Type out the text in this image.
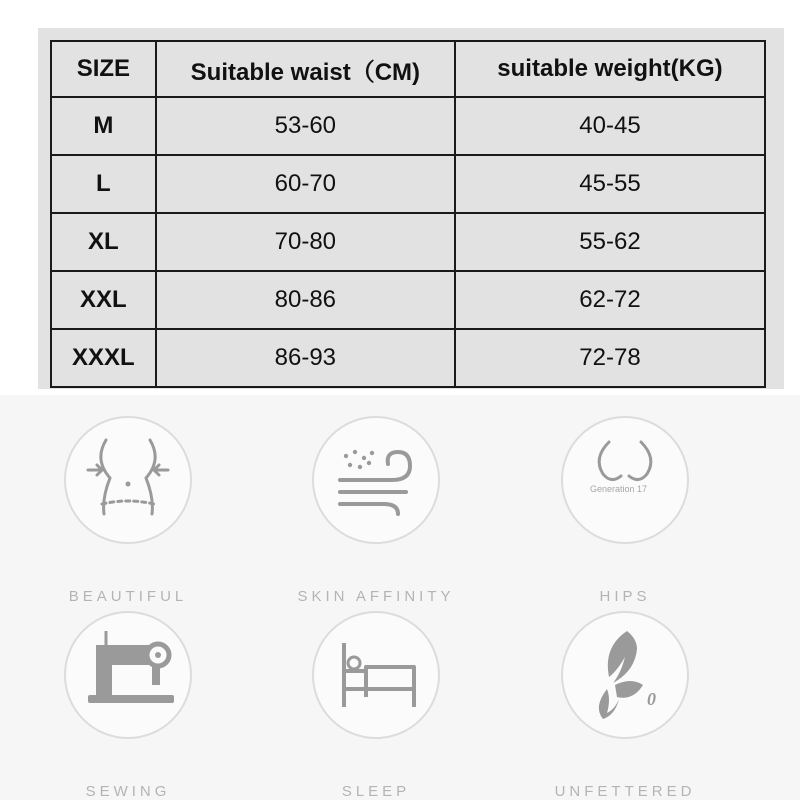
SIZE	Suitable waist（CM)	suitable weight(KG)
M	53-60	40-45
L	60-70	45-55
XL	70-80	55-62
XXL	80-86	62-72
XXXL	86-93	72-78
BEAUTIFUL	SKIN AFFINITY
Generation 17
HIPS
SEWING	SLEEP
0
UNFETTERED
